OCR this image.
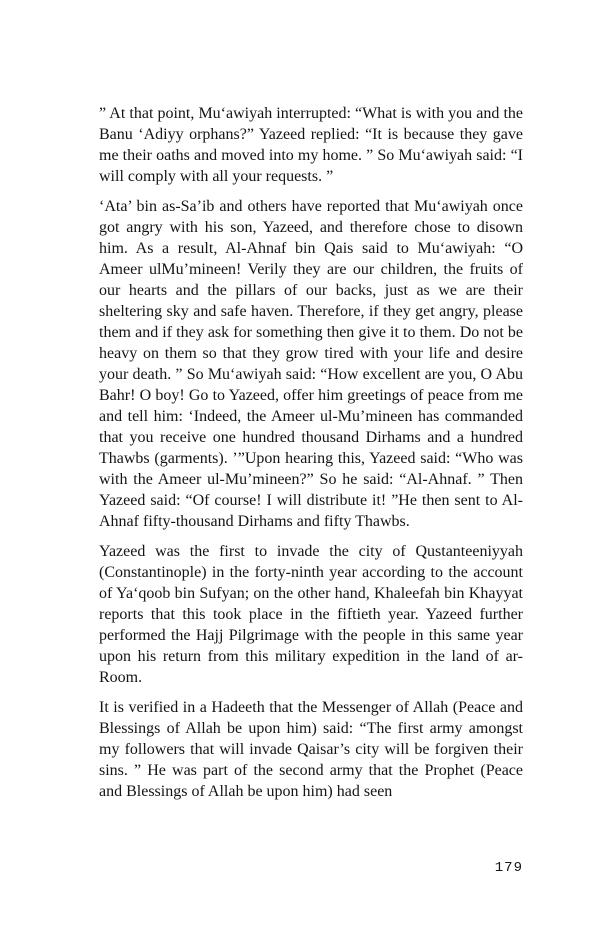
” At that point, Mu‘awiyah interrupted: “What is with you and the Banu ‘Adiyy orphans?” Yazeed replied: “It is because they gave me their oaths and moved into my home. ” So Mu‘awiyah said: “I will comply with all your requests. ”

‘Ata’ bin as-Sa’ib and others have reported that Mu‘awiyah once got angry with his son, Yazeed, and therefore chose to disown him. As a result, Al-Ahnaf bin Qais said to Mu‘awiyah: “O Ameer ulMu’mineen! Verily they are our children, the fruits of our hearts and the pillars of our backs, just as we are their sheltering sky and safe haven. Therefore, if they get angry, please them and if they ask for something then give it to them. Do not be heavy on them so that they grow tired with your life and desire your death. ” So Mu‘awiyah said: “How excellent are you, O Abu Bahr! O boy! Go to Yazeed, offer him greetings of peace from me and tell him: ‘Indeed, the Ameer ul-Mu’mineen has commanded that you receive one hundred thousand Dirhams and a hundred Thawbs (garments). ’”Upon hearing this, Yazeed said: “Who was with the Ameer ul-Mu’mineen?” So he said: “Al-Ahnaf. ” Then Yazeed said: “Of course! I will distribute it! ”He then sent to Al-Ahnaf fifty-thousand Dirhams and fifty Thawbs.

Yazeed was the first to invade the city of Qustanteeniyyah (Constantinople) in the forty-ninth year according to the account of Ya‘qoob bin Sufyan; on the other hand, Khaleefah bin Khayyat reports that this took place in the fiftieth year. Yazeed further performed the Hajj Pilgrimage with the people in this same year upon his return from this military expedition in the land of ar-Room.

It is verified in a Hadeeth that the Messenger of Allah (Peace and Blessings of Allah be upon him) said: “The first army amongst my followers that will invade Qaisar’s city will be forgiven their sins. ” He was part of the second army that the Prophet (Peace and Blessings of Allah be upon him) had seen

179
